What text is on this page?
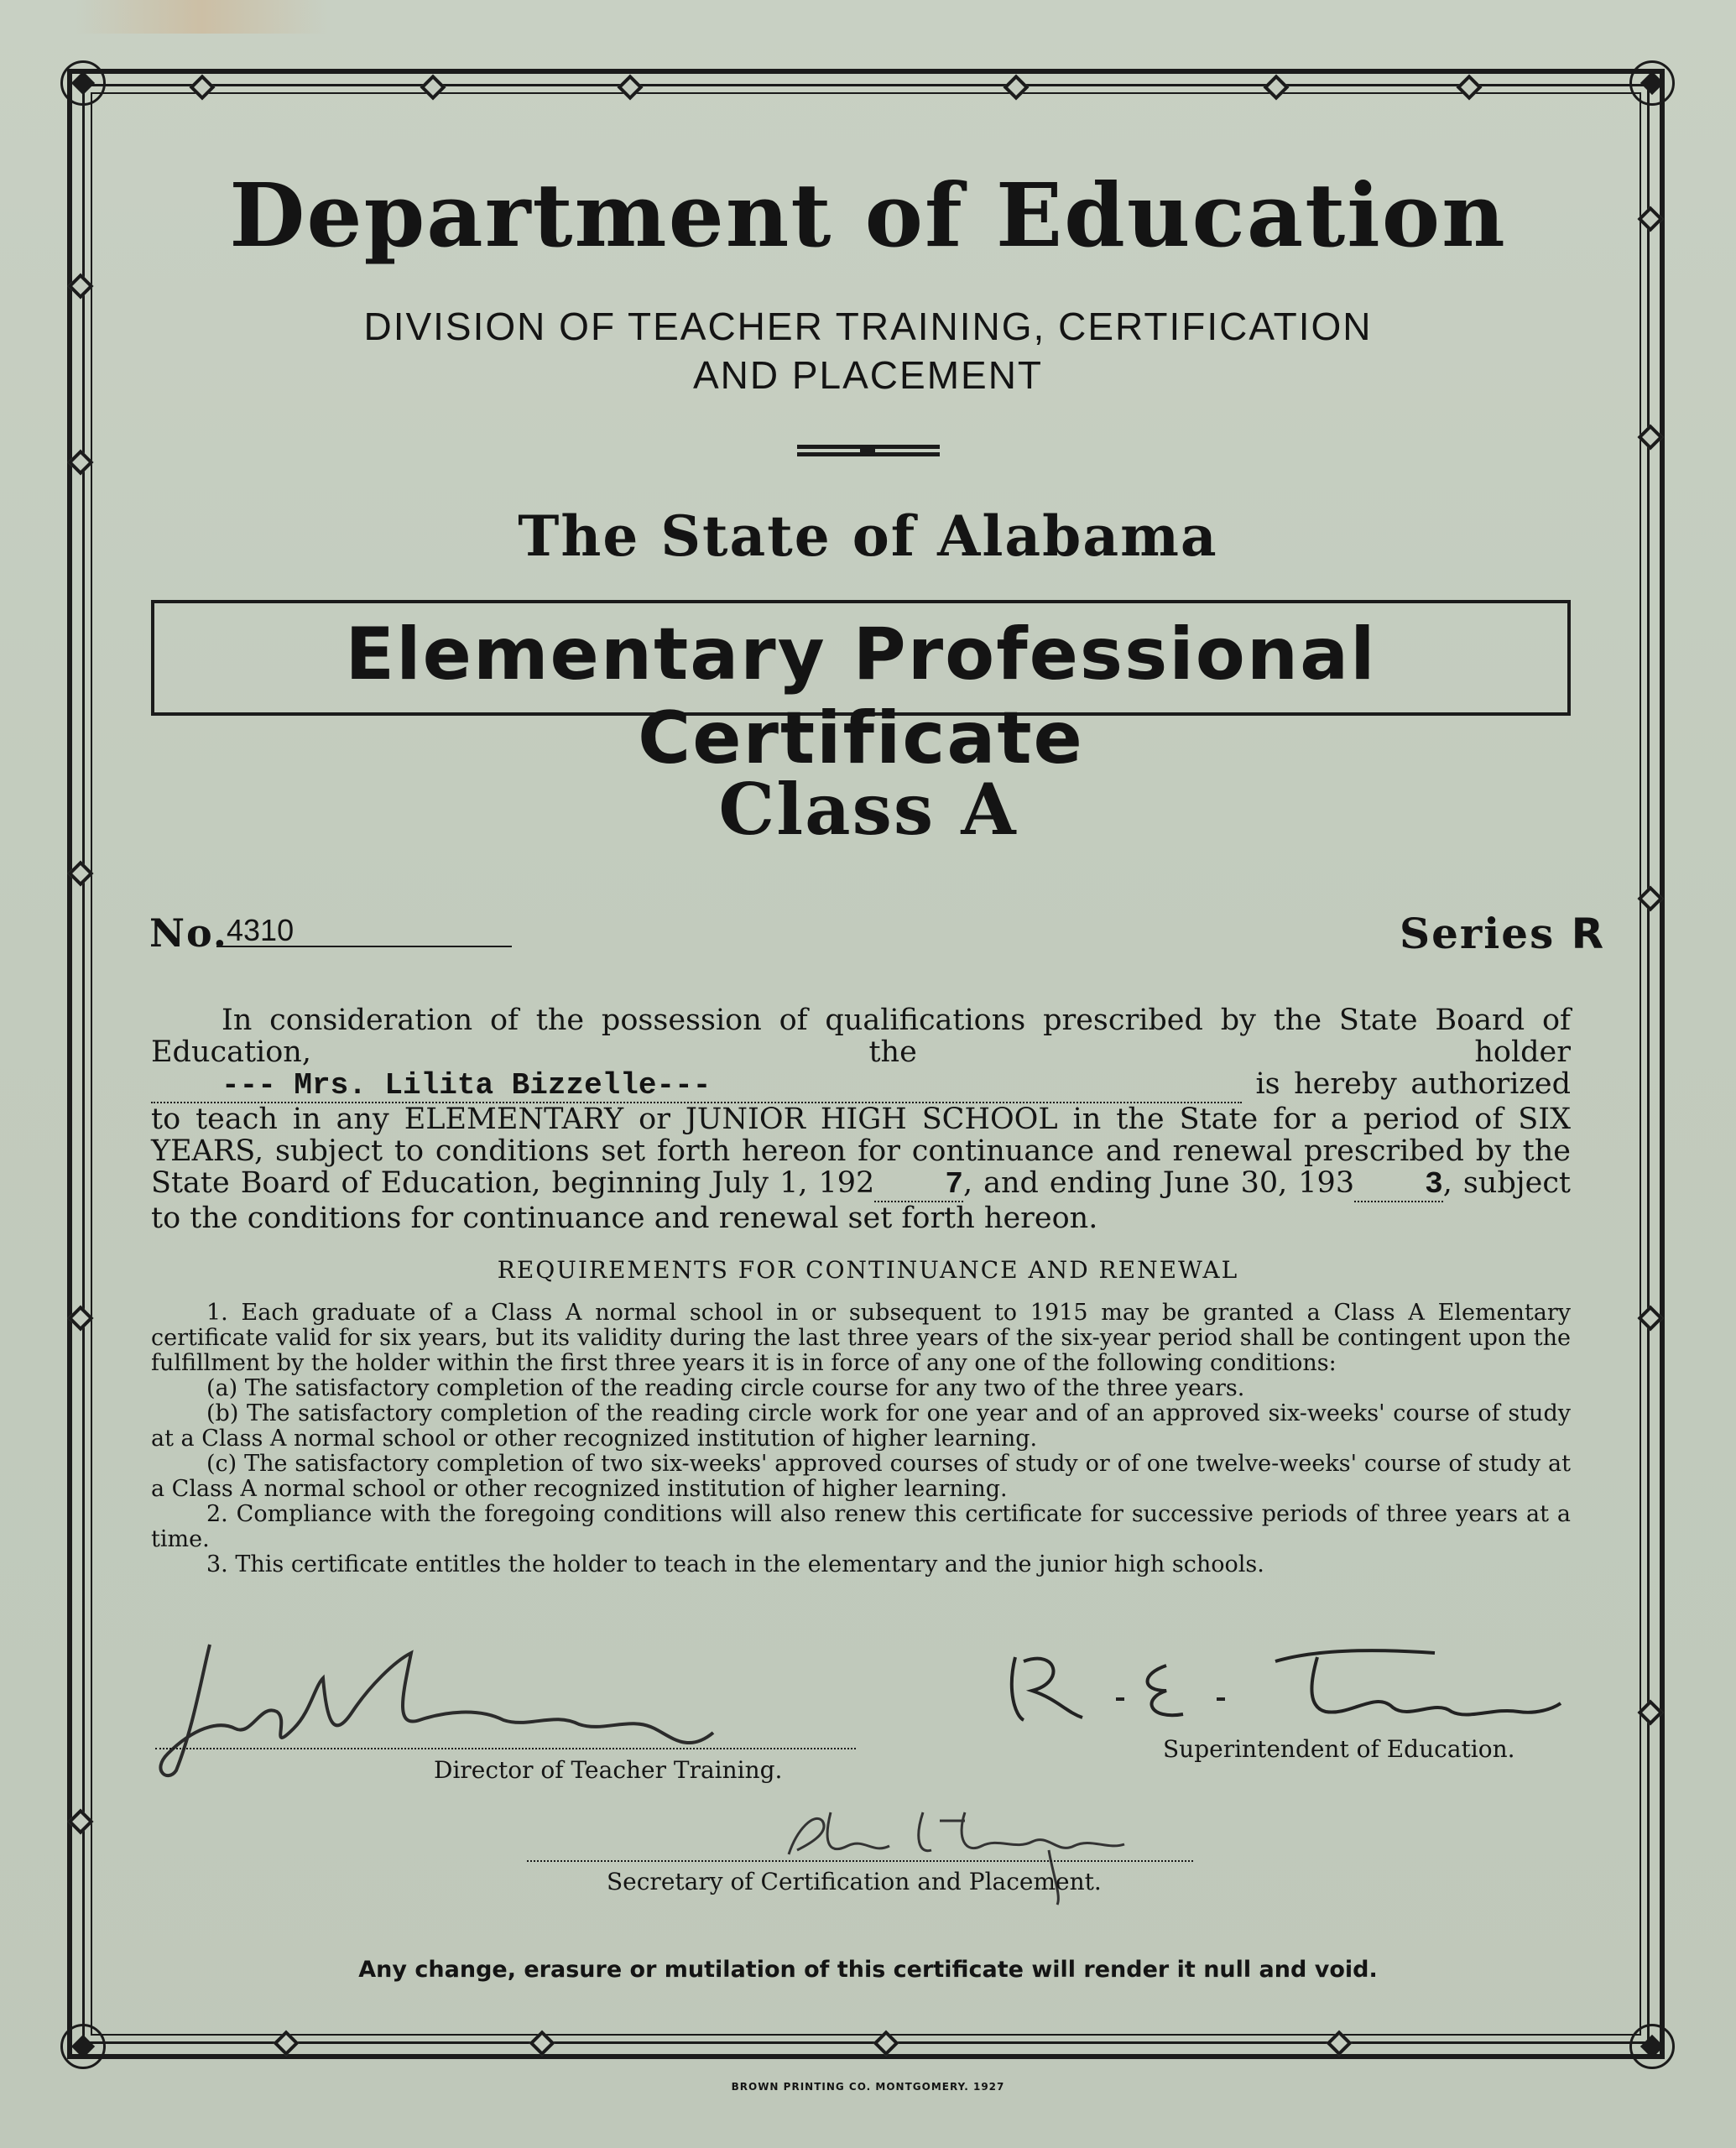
Department of Education
DIVISION OF TEACHER TRAINING, CERTIFICATION
AND PLACEMENT
The State of Alabama
Elementary Professional Certificate
Class A
No.
4310	Series R
In consideration of the possession of qualifications prescribed by the State Board of Education, the holder --- Mrs. Lilita Bizzelle---	is hereby authorized to teach in any ELEMENTARY or JUNIOR HIGH SCHOOL in the State for a period of SIX YEARS, subject to conditions set forth hereon for continuance and renewal prescribed by the State Board of Education, beginning July 1, 192 7, and ending June 30, 193 3, subject to the conditions for continuance and renewal set forth hereon.
REQUIREMENTS FOR CONTINUANCE AND RENEWAL
1. Each graduate of a Class A normal school in or subsequent to 1915 may be granted a Class A Elementary certificate valid for six years, but its validity during the last three years of the six-year period shall be contingent upon the fulfillment by the holder within the first three years it is in force of any one of the following conditions:
(a) The satisfactory completion of the reading circle course for any two of the three years.
(b) The satisfactory completion of the reading circle work for one year and of an approved six-weeks' course of study at a Class A normal school or other recognized institution of higher learning.
(c) The satisfactory completion of two six-weeks' approved courses of study or of one twelve-weeks' course of study at a Class A normal school or other recognized institution of higher learning.
2. Compliance with the foregoing conditions will also renew this certificate for successive periods of three years at a time.
3. This certificate entitles the holder to teach in the elementary and the junior high schools.
Director of Teacher Training.
Superintendent of Education.
Secretary of Certification and Placement.
Any change, erasure or mutilation of this certificate will render it null and void.
BROWN PRINTING CO. MONTGOMERY. 1927
